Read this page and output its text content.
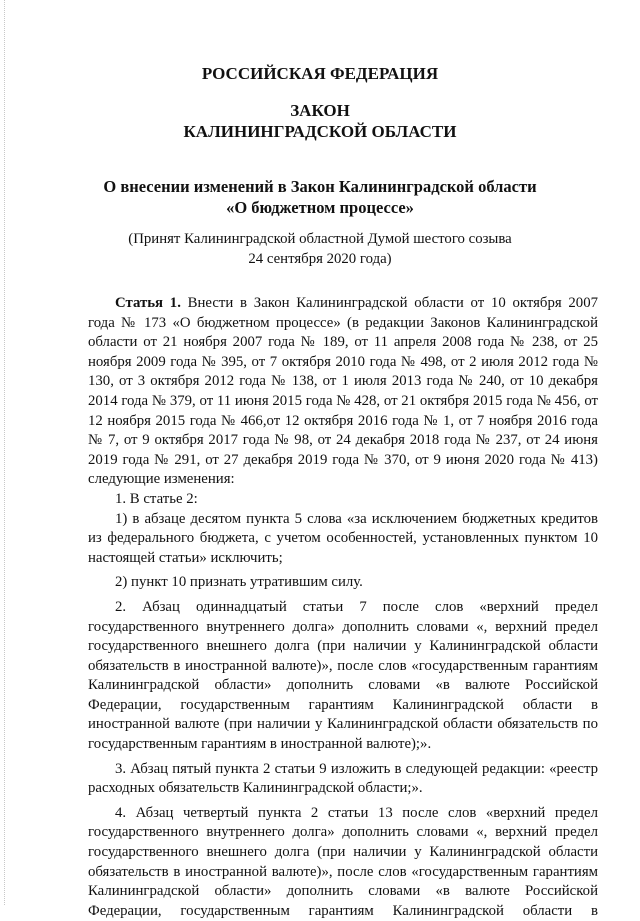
РОССИЙСКАЯ ФЕДЕРАЦИЯ
ЗАКОН
КАЛИНИНГРАДСКОЙ ОБЛАСТИ
О внесении изменений в Закон Калининградской области
«О бюджетном процессе»
(Принят Калининградской областной Думой шестого созыва
24 сентября 2020 года)

Статья 1. Внести в Закон Калининградской области от 10 октября 2007 года № 173 «О бюджетном процессе» (в редакции Законов Калининградской области от 21 ноября 2007 года № 189, от 11 апреля 2008 года № 238, от 25 ноября 2009 года № 395, от 7 октября 2010 года № 498, от 2 июля 2012 года № 130, от 3 октября 2012 года № 138, от 1 июля 2013 года № 240, от 10 декабря 2014 года № 379, от 11 июня 2015 года № 428, от 21 октября 2015 года № 456, от 12 ноября 2015 года № 466,от 12 октября 2016 года № 1, от 7 ноября 2016 года № 7, от 9 октября 2017 года № 98, от 24 декабря 2018 года № 237, от 24 июня 2019 года № 291, от 27 декабря 2019 года № 370, от 9 июня 2020 года № 413) следующие изменения:

1. В статье 2:

1) в абзаце десятом пункта 5 слова «за исключением бюджетных кредитов из федерального бюджета, с учетом особенностей, установленных пунктом 10 настоящей статьи» исключить;

2) пункт 10 признать утратившим силу.

2. Абзац одиннадцатый статьи 7 после слов «верхний предел государственного внутреннего долга» дополнить словами «, верхний предел государственного внешнего долга (при наличии у Калининградской области обязательств в иностранной валюте)», после слов «государственным гарантиям Калининградской области» дополнить словами «в валюте Российской Федерации, государственным гарантиям Калининградской области в иностранной валюте (при наличии у Калининградской области обязательств по государственным гарантиям в иностранной валюте);».

3. Абзац пятый пункта 2 статьи 9 изложить в следующей редакции: «реестр расходных обязательств Калининградской области;».

4. Абзац четвертый пункта 2 статьи 13 после слов «верхний предел государственного внутреннего долга» дополнить словами «, верхний предел государственного внешнего долга (при наличии у Калининградской области обязательств в иностранной валюте)», после слов «государственным гарантиям Калининградской области» дополнить словами «в валюте Российской Федерации, государственным гарантиям Калининградской области в
